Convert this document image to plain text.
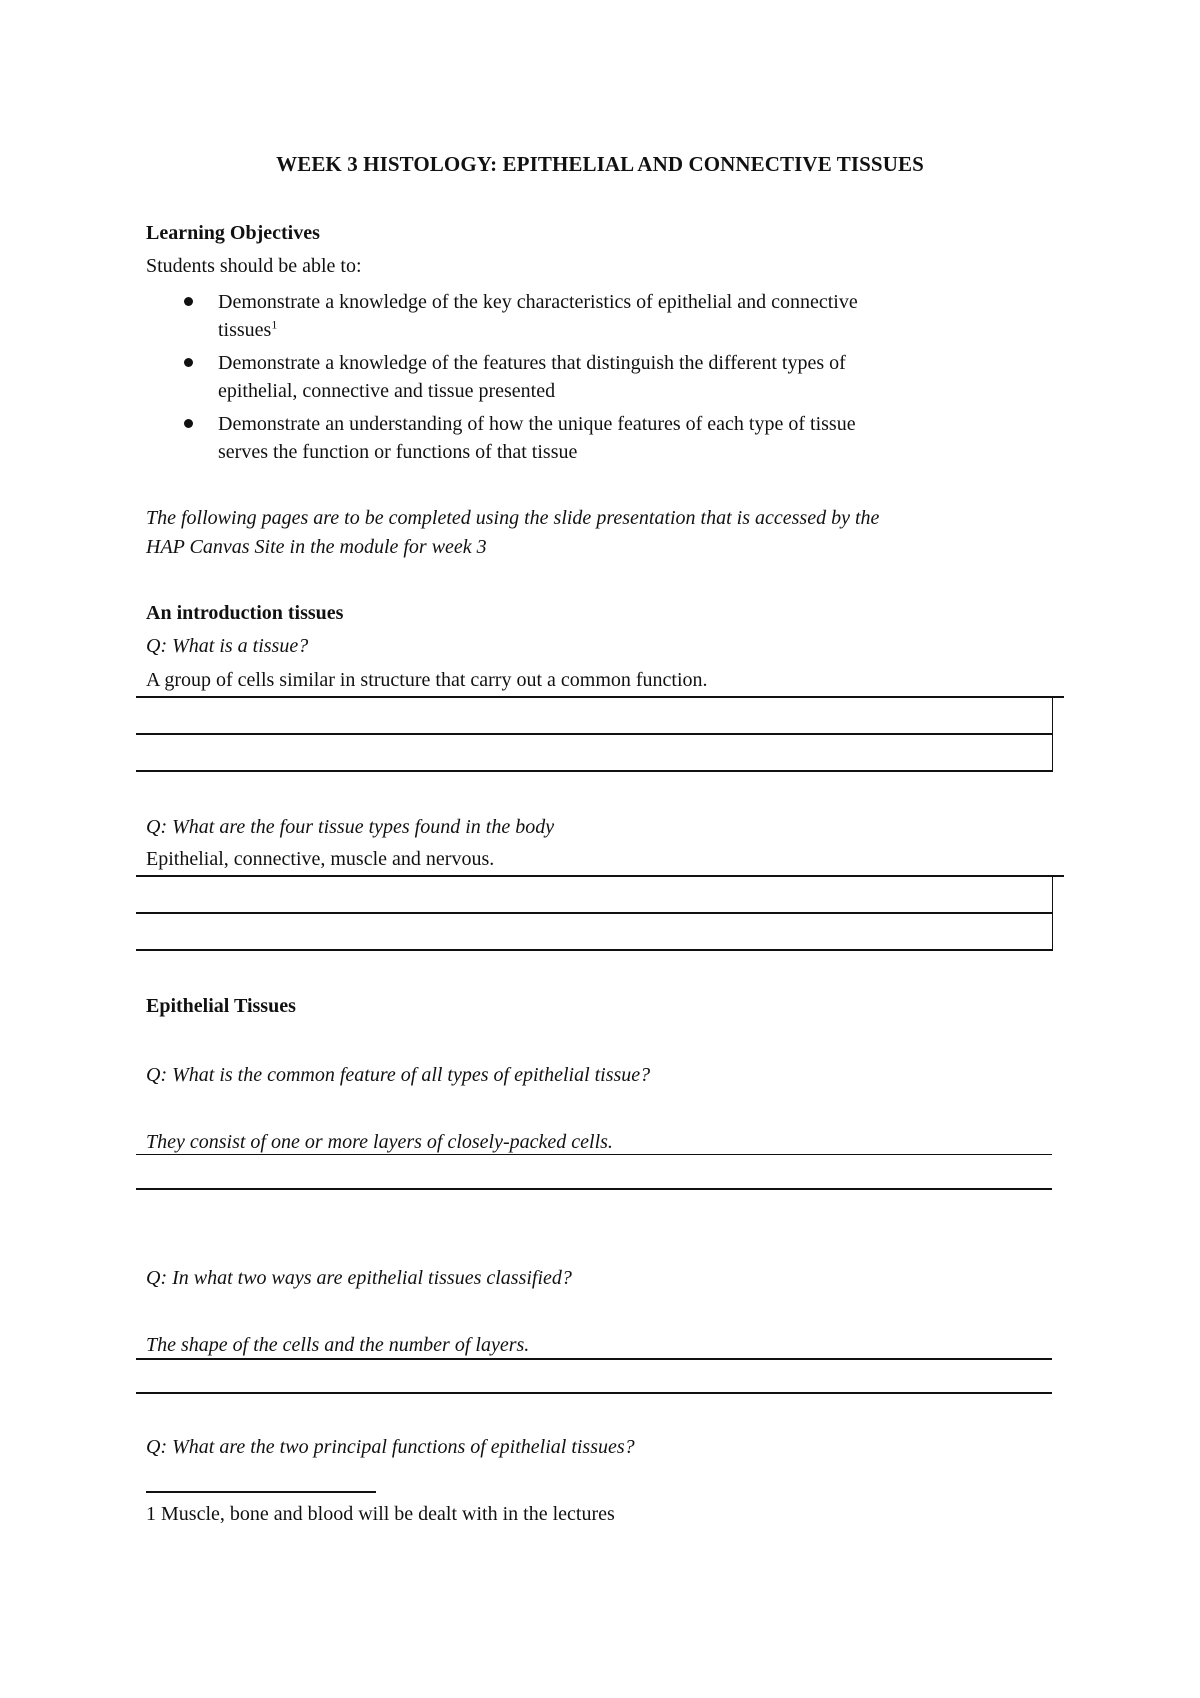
WEEK 3 HISTOLOGY: EPITHELIAL AND CONNECTIVE TISSUES
Learning Objectives
Students should be able to:
Demonstrate a knowledge of the key characteristics of epithelial and connective
tissues$^1$
Demonstrate a knowledge of the features that distinguish the different types of
epithelial, connective and tissue presented
Demonstrate an understanding of how the unique features of each type of tissue
serves the function or functions of that tissue
The following pages are to be completed using the slide presentation that is accessed by the
HAP Canvas Site in the module for week 3
An introduction tissues
Q: What is a tissue?
A group of cells similar in structure that carry out a common function.
Q: What are the four tissue types found in the body
Epithelial, connective, muscle and nervous.
Epithelial Tissues
Q: What is the common feature of all types of epithelial tissue?
They consist of one or more layers of closely-packed cells.
Q: In what two ways are epithelial tissues classified?
The shape of the cells and the number of layers.
Q: What are the two principal functions of epithelial tissues?
1 Muscle, bone and blood will be dealt with in the lectures
